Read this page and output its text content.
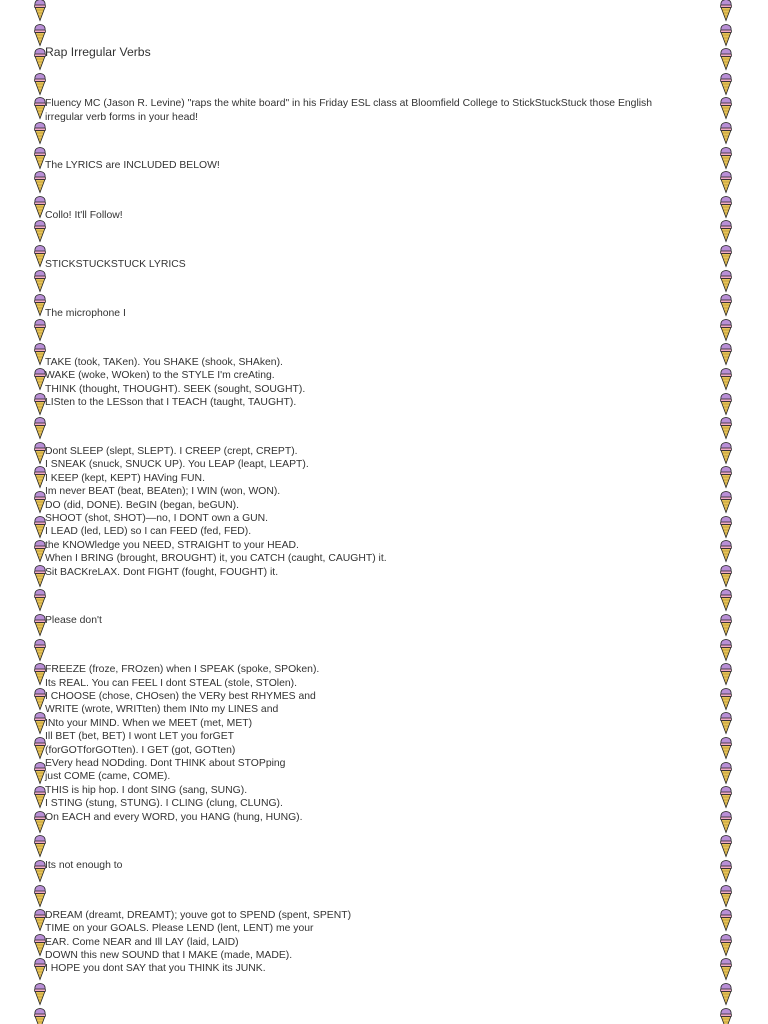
Rap Irregular Verbs
Fluency MC (Jason R. Levine) "raps the white board" in his Friday ESL class at Bloomfield College to StickStuckStuck those English
irregular verb forms in your head!
The LYRICS are INCLUDED BELOW!
Collo! It'll Follow!
STICKSTUCKSTUCK LYRICS
The microphone I
TAKE (took, TAKen). You SHAKE (shook, SHAken).
WAKE (woke, WOken) to the STYLE I'm creAting.
THINK (thought, THOUGHT). SEEK (sought, SOUGHT).
LISten to the LESson that I TEACH (taught, TAUGHT).
Dont SLEEP (slept, SLEPT). I CREEP (crept, CREPT).
I SNEAK (snuck, SNUCK UP). You LEAP (leapt, LEAPT).
I KEEP (kept, KEPT) HAVing FUN.
Im never BEAT (beat, BEAten); I WIN (won, WON).
DO (did, DONE). BeGIN (began, beGUN).
SHOOT (shot, SHOT)—no, I DONT own a GUN.
I LEAD (led, LED) so I can FEED (fed, FED).
the KNOWledge you NEED, STRAIGHT to your HEAD.
When I BRING (brought, BROUGHT) it, you CATCH (caught, CAUGHT) it.
Sit BACKreLAX. Dont FIGHT (fought, FOUGHT) it.
Please don't
FREEZE (froze, FROzen) when I SPEAK (spoke, SPOken).
Its REAL. You can FEEL I dont STEAL (stole, STOlen).
I CHOOSE (chose, CHOsen) the VERy best RHYMES and
WRITE (wrote, WRITten) them INto my LINES and
INto your MIND. When we MEET (met, MET)
Ill BET (bet, BET) I wont LET you forGET
(forGOTforGOTten). I GET (got, GOTten)
EVery head NODding. Dont THINK about STOPping
just COME (came, COME).
THIS is hip hop. I dont SING (sang, SUNG).
I STING (stung, STUNG). I CLING (clung, CLUNG).
On EACH and every WORD, you HANG (hung, HUNG).
Its not enough to
DREAM (dreamt, DREAMT); youve got to SPEND (spent, SPENT)
TIME on your GOALS. Please LEND (lent, LENT) me your
EAR. Come NEAR and Ill LAY (laid, LAID)
DOWN this new SOUND that I MAKE (made, MADE).
I HOPE you dont SAY that you THINK its JUNK.
